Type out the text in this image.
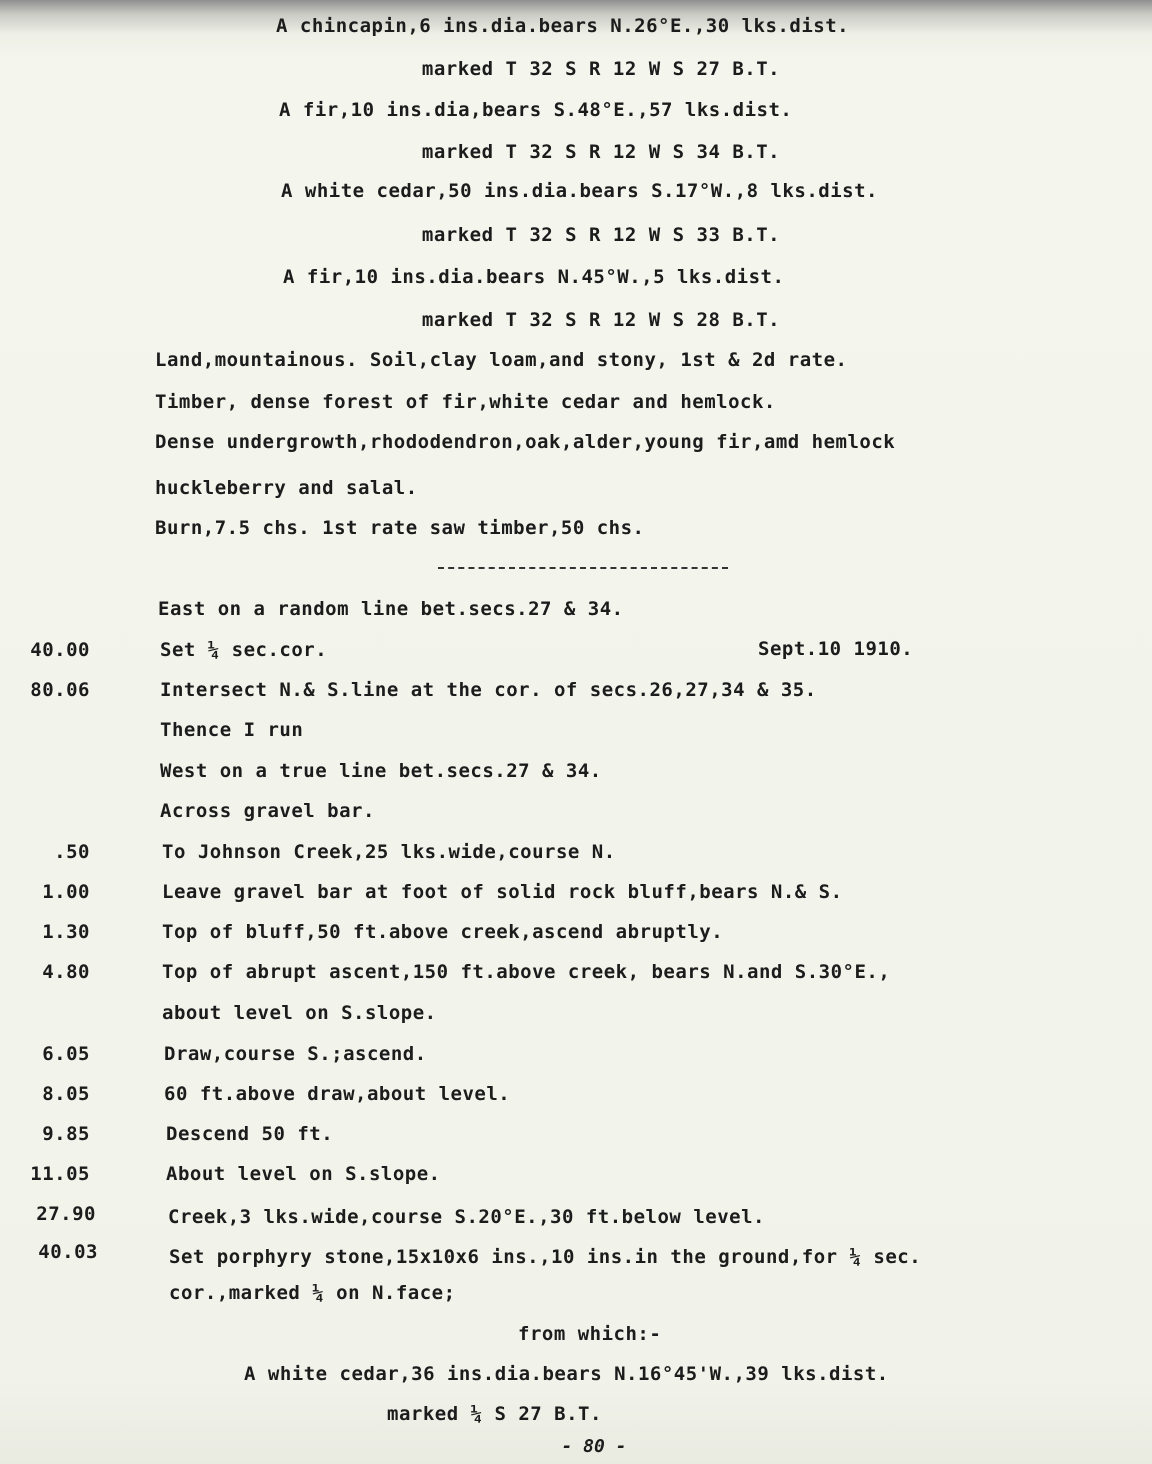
A chincapin,6 ins.dia.bears N.26°E.,30 lks.dist.
marked T 32 S R 12 W S 27 B.T.
A fir,10 ins.dia,bears S.48°E.,57 lks.dist.
marked T 32 S R 12 W S 34 B.T.
A white cedar,50 ins.dia.bears S.17°W.,8 lks.dist.
marked T 32 S R 12 W S 33 B.T.
A fir,10 ins.dia.bears N.45°W.,5 lks.dist.
marked T 32 S R 12 W S 28 B.T.
Land,mountainous. Soil,clay loam,and stony, 1st & 2d rate.
Timber, dense forest of fir,white cedar and hemlock.
Dense undergrowth,rhododendron,oak,alder,young fir,amd hemlock
huckleberry and salal.
Burn,7.5 chs. 1st rate saw timber,50 chs.
East on a random line bet.secs.27 & 34.
40.00	Set ¼ sec.cor.	Sept.10 1910.
80.06	Intersect N.& S.line at the cor. of secs.26,27,34 & 35.
Thence I run
West on a true line bet.secs.27 & 34.
Across gravel bar.
.50	To Johnson Creek,25 lks.wide,course N.
1.00	Leave gravel bar at foot of solid rock bluff,bears N.& S.
1.30	Top of bluff,50 ft.above creek,ascend abruptly.
4.80	Top of abrupt ascent,150 ft.above creek, bears N.and S.30°E.,
about level on S.slope.
6.05	Draw,course S.;ascend.
8.05	60 ft.above draw,about level.
9.85	Descend 50 ft.
11.05	About level on S.slope.
27.90	Creek,3 lks.wide,course S.20°E.,30 ft.below level.
40.03	Set porphyry stone,15x10x6 ins.,10 ins.in the ground,for ¼ sec.
cor.,marked ¼ on N.face;
from which:-
A white cedar,36 ins.dia.bears N.16°45'W.,39 lks.dist.
marked ¼ S 27 B.T.
- 80 -
